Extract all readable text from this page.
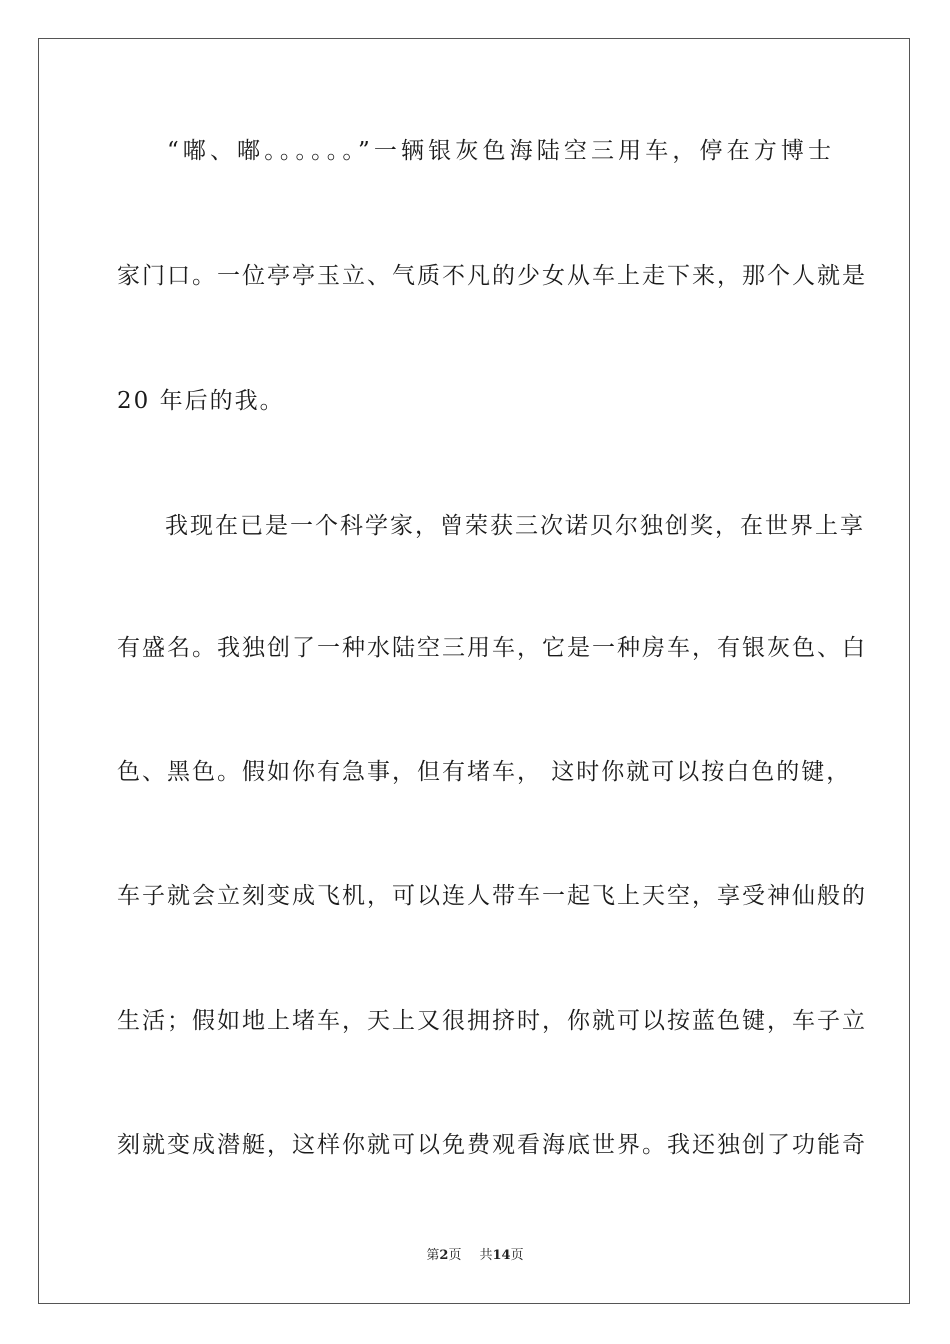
“嘟、嘟。。。。。。”一辆银灰色海陆空三用车，停在方博士
家门口。一位亭亭玉立、气质不凡的少女从车上走下来，那个人就是
20 年后的我。
我现在已是一个科学家，曾荣获三次诺贝尔独创奖，在世界上享
有盛名。我独创了一种水陆空三用车，它是一种房车，有银灰色、白
色、黑色。假如你有急事，但有堵车， 这时你就可以按白色的键，
车子就会立刻变成飞机，可以连人带车一起飞上天空，享受神仙般的
生活；假如地上堵车，天上又很拥挤时，你就可以按蓝色键，车子立
刻就变成潜艇，这样你就可以免费观看海底世界。我还独创了功能奇
第2页 共14页
